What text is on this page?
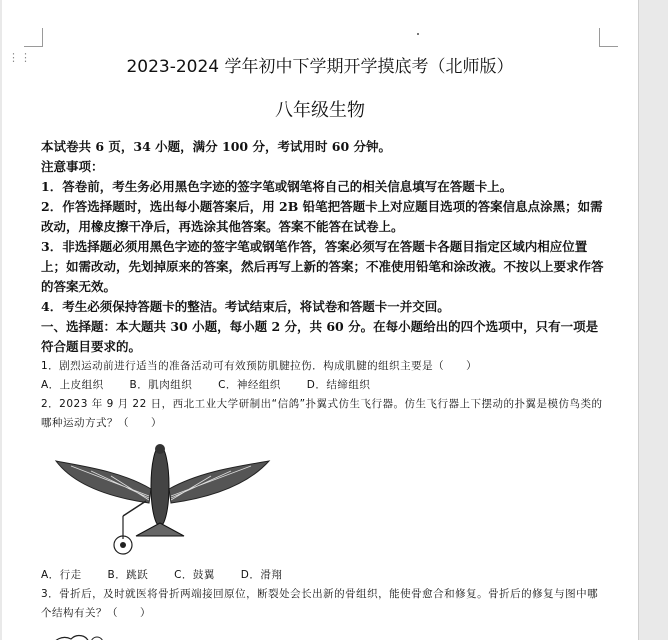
⋮⋮	2023-2024 学年初中下学期开学摸底考（北师版）
八年级生物
本试卷共 6 页，34 小题，满分 100 分，考试用时 60 分钟。
注意事项：
1．答卷前，考生务必用黑色字迹的签字笔或钢笔将自己的相关信息填写在答题卡上。
2．作答选择题时，选出每小题答案后，用 2B 铅笔把答题卡上对应题目选项的答案信息点涂黑；如需改动，用橡皮擦干净后，再选涂其他答案。答案不能答在试卷上。
3．非选择题必须用黑色字迹的签字笔或钢笔作答，答案必须写在答题卡各题目指定区域内相应位置上；如需改动，先划掉原来的答案，然后再写上新的答案；不准使用铅笔和涂改液。不按以上要求作答的答案无效。
4．考生必须保持答题卡的整洁。考试结束后，将试卷和答题卡一并交回。
一、选择题：本大题共 30 小题，每小题 2 分，共 60 分。在每小题给出的四个选项中，只有一项是符合题目要求的。
1．剧烈运动前进行适当的准备活动可有效预防肌腱拉伤．构成肌腱的组织主要是（　　）
A．上皮组织 B．肌肉组织 C．神经组织 D．结缔组织
2．2023 年 9 月 22 日，西北工业大学研制出“信鸽”扑翼式仿生飞行器。仿生飞行器上下摆动的扑翼是模仿鸟类的哪种运动方式？（　　）
A．行走 B．跳跃 C．鼓翼 D．滑翔
3．骨折后，及时就医将骨折两端接回原位，断裂处会长出新的骨组织，能使骨愈合和修复。骨折后的修复与图中哪个结构有关？（　　）
